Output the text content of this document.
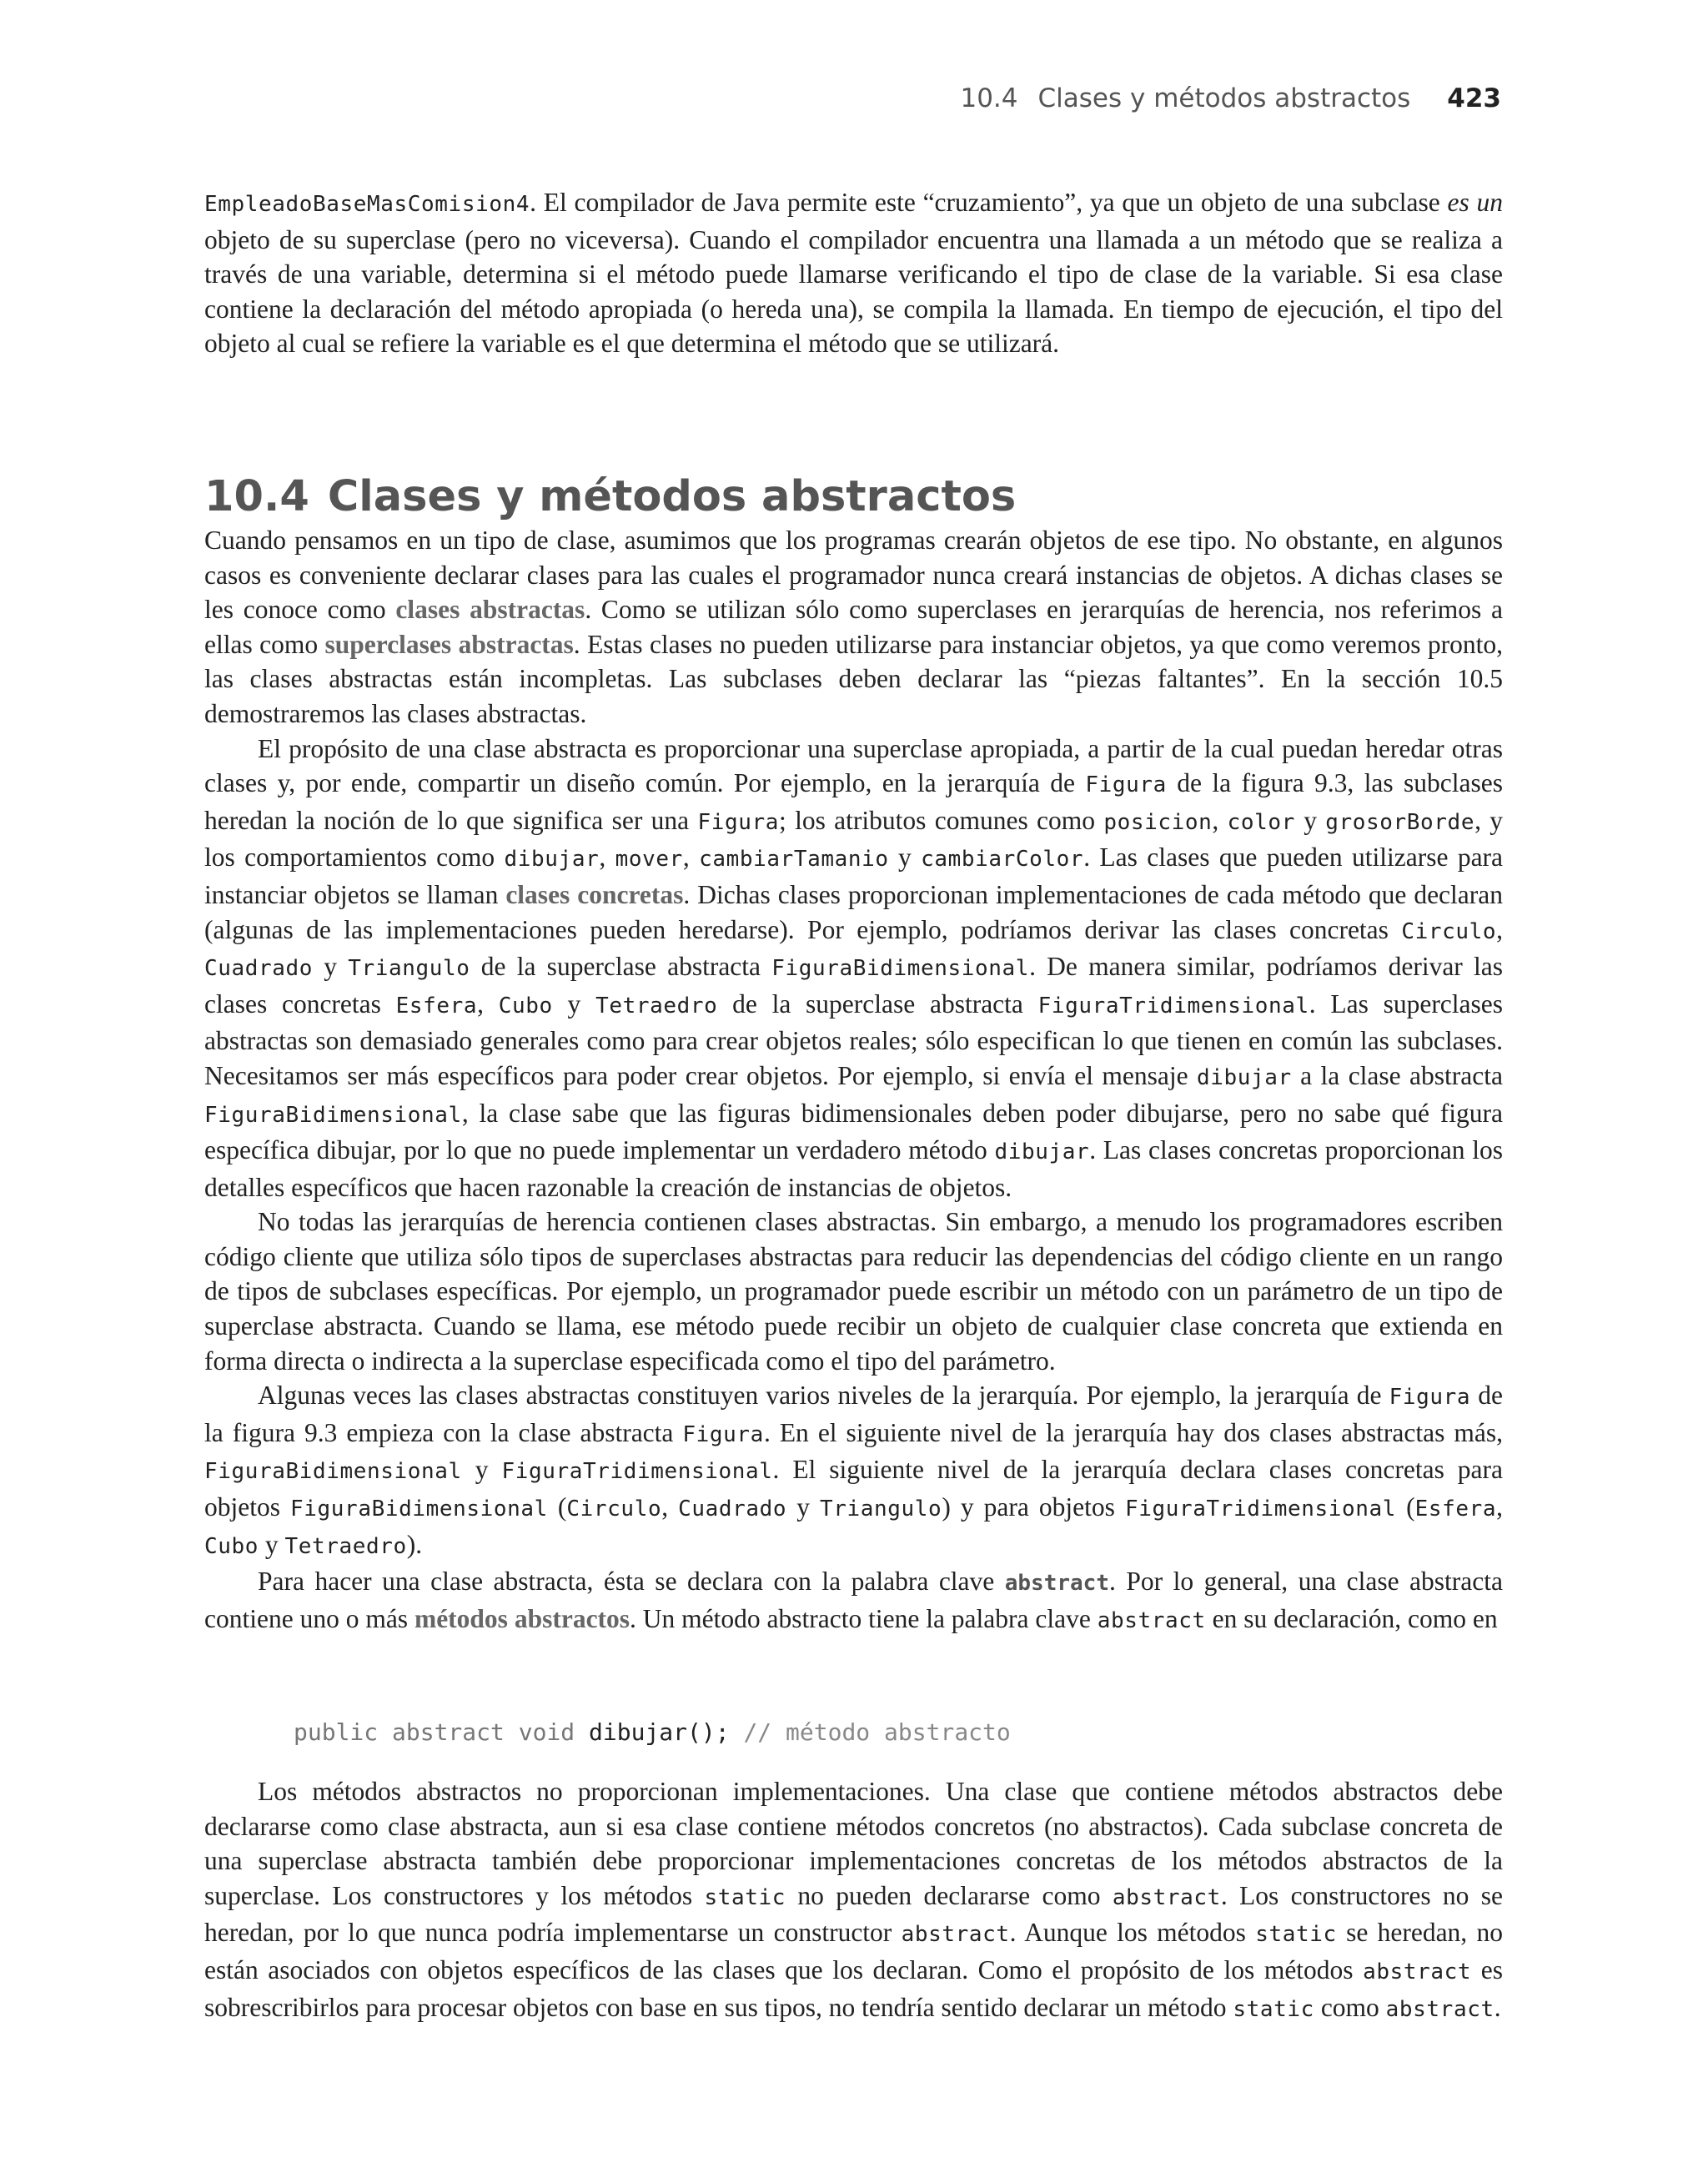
10.4 Clases y métodos abstractos 423

EmpleadoBaseMasComision4. El compilador de Java permite este “cruzamiento”, ya que un objeto de una subclase es un objeto de su superclase (pero no viceversa). Cuando el compilador encuentra una llamada a un método que se realiza a través de una variable, determina si el método puede llamarse verificando el tipo de clase de la variable. Si esa clase contiene la declaración del método apropiada (o hereda una), se compila la llamada. En tiempo de ejecución, el tipo del objeto al cual se refiere la variable es el que determina el método que se utilizará.

10.4 Clases y métodos abstractos

Cuando pensamos en un tipo de clase, asumimos que los programas crearán objetos de ese tipo. No obstante, en algunos casos es conveniente declarar clases para las cuales el programador nunca creará instancias de objetos. A dichas clases se les conoce como clases abstractas. Como se utilizan sólo como superclases en jerarquías de herencia, nos referimos a ellas como superclases abstractas. Estas clases no pueden utilizarse para instanciar objetos, ya que como veremos pronto, las clases abstractas están incompletas. Las subclases deben declarar las “piezas faltantes”. En la sección 10.5 demostraremos las clases abstractas.

El propósito de una clase abstracta es proporcionar una superclase apropiada, a partir de la cual puedan heredar otras clases y, por ende, compartir un diseño común. Por ejemplo, en la jerarquía de Figura de la figura 9.3, las subclases heredan la noción de lo que significa ser una Figura; los atributos comunes como posicion, color y grosorBorde, y los comportamientos como dibujar, mover, cambiarTamanio y cambiarColor. Las clases que pueden utilizarse para instanciar objetos se llaman clases concretas. Dichas clases proporcionan implementaciones de cada método que declaran (algunas de las implementaciones pueden heredarse). Por ejemplo, podríamos derivar las clases concretas Circulo, Cuadrado y Triangulo de la superclase abstracta FiguraBidimensional. De manera similar, podríamos derivar las clases concretas Esfera, Cubo y Tetraedro de la superclase abstracta FiguraTridimensional. Las superclases abstractas son demasiado generales como para crear objetos reales; sólo especifican lo que tienen en común las subclases. Necesitamos ser más específicos para poder crear objetos. Por ejemplo, si envía el mensaje dibujar a la clase abstracta FiguraBidimensional, la clase sabe que las figuras bidimensionales deben poder dibujarse, pero no sabe qué figura específica dibujar, por lo que no puede implementar un verdadero método dibujar. Las clases concretas proporcionan los detalles específicos que hacen razonable la creación de instancias de objetos.

No todas las jerarquías de herencia contienen clases abstractas. Sin embargo, a menudo los programadores escriben código cliente que utiliza sólo tipos de superclases abstractas para reducir las dependencias del código cliente en un rango de tipos de subclases específicas. Por ejemplo, un programador puede escribir un método con un parámetro de un tipo de superclase abstracta. Cuando se llama, ese método puede recibir un objeto de cualquier clase concreta que extienda en forma directa o indirecta a la superclase especificada como el tipo del parámetro.

Algunas veces las clases abstractas constituyen varios niveles de la jerarquía. Por ejemplo, la jerarquía de Figura de la figura 9.3 empieza con la clase abstracta Figura. En el siguiente nivel de la jerarquía hay dos clases abstractas más, FiguraBidimensional y FiguraTridimensional. El siguiente nivel de la jerarquía declara clases concretas para objetos FiguraBidimensional (Circulo, Cuadrado y Triangulo) y para objetos FiguraTridimensional (Esfera, Cubo y Tetraedro).

Para hacer una clase abstracta, ésta se declara con la palabra clave abstract. Por lo general, una clase abstracta contiene uno o más métodos abstractos. Un método abstracto tiene la palabra clave abstract en su declaración, como en

public abstract void dibujar(); // método abstracto

Los métodos abstractos no proporcionan implementaciones. Una clase que contiene métodos abstractos debe declararse como clase abstracta, aun si esa clase contiene métodos concretos (no abstractos). Cada subclase concreta de una superclase abstracta también debe proporcionar implementaciones concretas de los métodos abstractos de la superclase. Los constructores y los métodos static no pueden declararse como abstract. Los constructores no se heredan, por lo que nunca podría implementarse un constructor abstract. Aunque los métodos static se heredan, no están asociados con objetos específicos de las clases que los declaran. Como el propósito de los métodos abstract es sobrescribirlos para procesar objetos con base en sus tipos, no tendría sentido declarar un método static como abstract.
